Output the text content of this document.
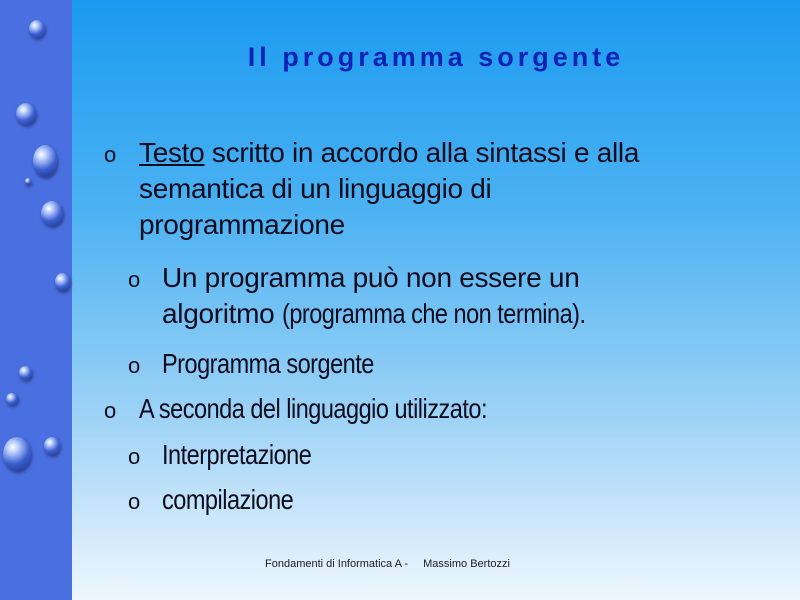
Il programma sorgente
o Testo scritto in accordo alla sintassi e alla
semantica di un linguaggio di
programmazione
o Un programma può non essere un
algoritmo (programma che non termina).
o Programma sorgente
o A seconda del linguaggio utilizzato:
o Interpretazione
o compilazione
Fondamenti di Informatica A - Massimo Bertozzi
